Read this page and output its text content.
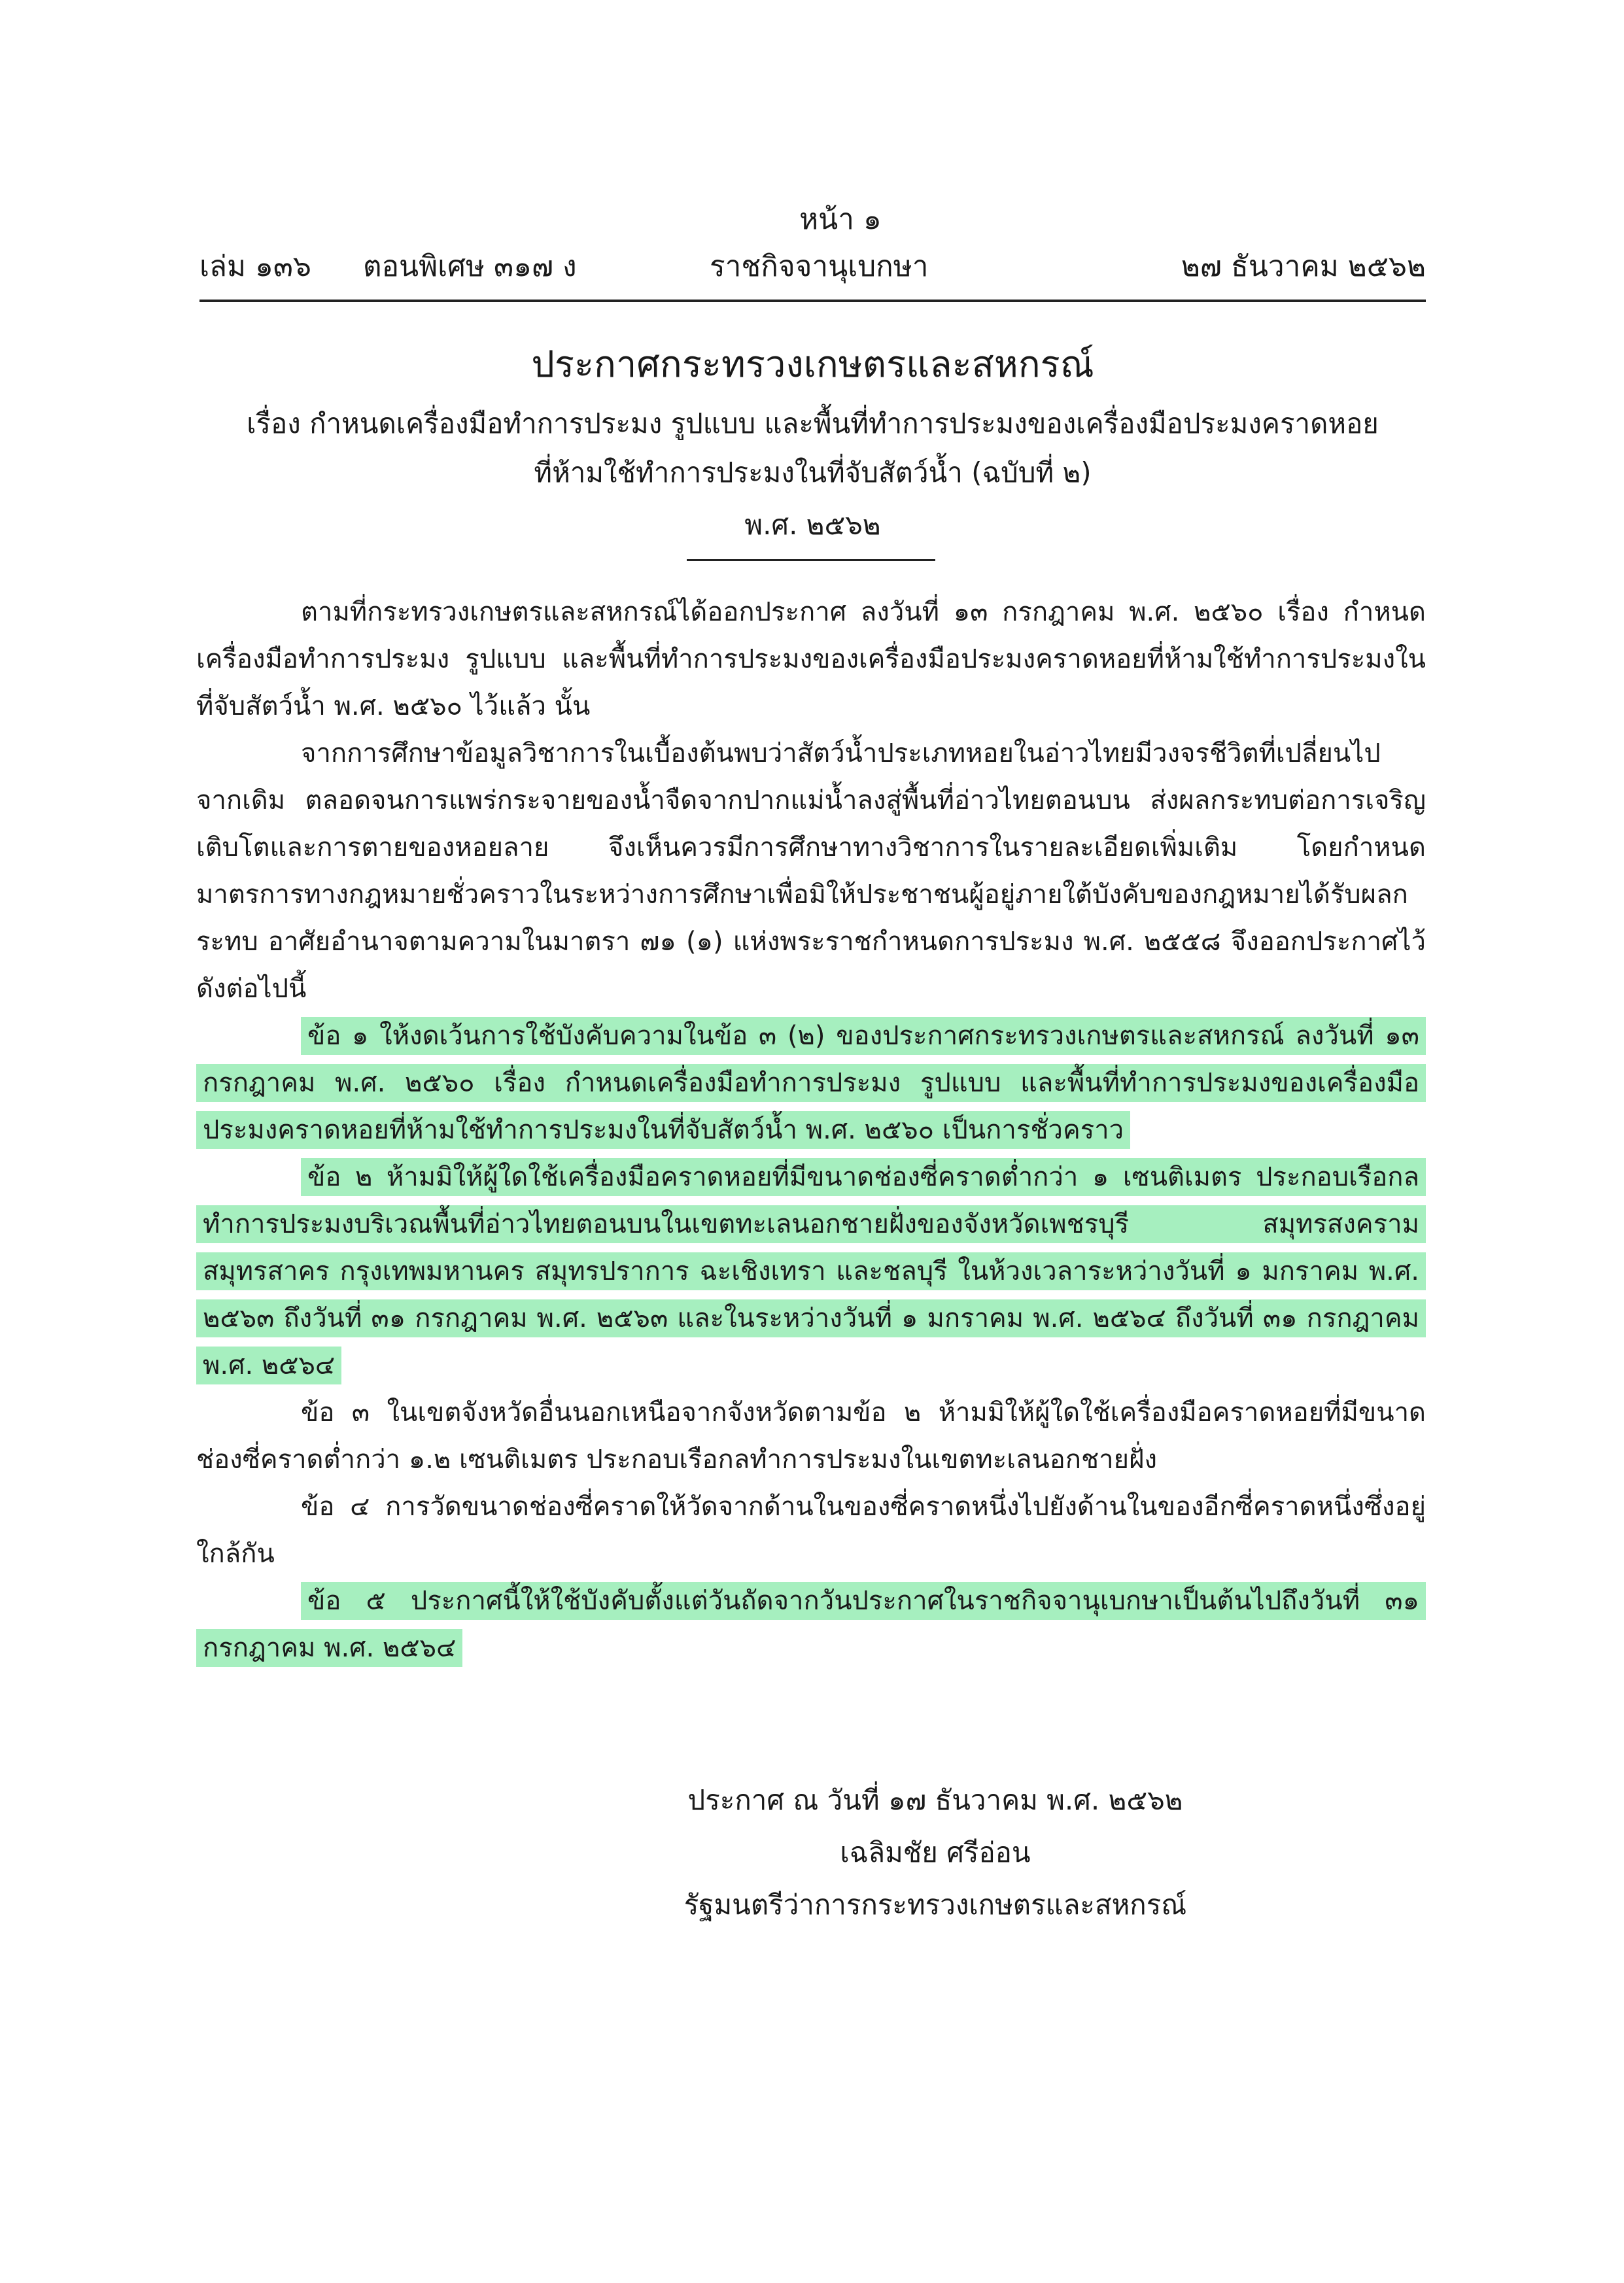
หน้า ๑
เล่ม ๑๓๖ ตอนพิเศษ ๓๑๗ ง	ราชกิจจานุเบกษา	๒๗ ธันวาคม ๒๕๖๒
ประกาศกระทรวงเกษตรและสหกรณ์
เรื่อง กำหนดเครื่องมือทำการประมง รูปแบบ และพื้นที่ทำการประมงของเครื่องมือประมงคราดหอย
ที่ห้ามใช้ทำการประมงในที่จับสัตว์น้ำ (ฉบับที่ ๒)
พ.ศ. ๒๕๖๒

ตามที่กระทรวงเกษตรและสหกรณ์ได้ออกประกาศ ลงวันที่ ๑๓ กรกฎาคม พ.ศ. ๒๕๖๐ เรื่อง กำหนดเครื่องมือทำการประมง รูปแบบ และพื้นที่ทำการประมงของเครื่องมือประมงคราดหอยที่ห้ามใช้ทำการประมงในที่จับสัตว์น้ำ พ.ศ. ๒๕๖๐ ไว้แล้ว นั้น

จากการศึกษาข้อมูลวิชาการในเบื้องต้นพบว่าสัตว์น้ำประเภทหอยในอ่าวไทยมีวงจรชีวิตที่เปลี่ยนไปจากเดิม ตลอดจนการแพร่กระจายของน้ำจืดจากปากแม่น้ำลงสู่พื้นที่อ่าวไทยตอนบน ส่งผลกระทบต่อการเจริญเติบโตและการตายของหอยลาย จึงเห็นควรมีการศึกษาทางวิชาการในรายละเอียดเพิ่มเติม โดยกำหนดมาตรการทางกฎหมายชั่วคราวในระหว่างการศึกษาเพื่อมิให้ประชาชนผู้อยู่ภายใต้บังคับของกฎหมายได้รับผลกระทบ อาศัยอำนาจตามความในมาตรา ๗๑ (๑) แห่งพระราชกำหนดการประมง พ.ศ. ๒๕๕๘ จึงออกประกาศไว้ ดังต่อไปนี้

ข้อ ๑ ให้งดเว้นการใช้บังคับความในข้อ ๓ (๒) ของประกาศกระทรวงเกษตรและสหกรณ์ ลงวันที่ ๑๓ กรกฎาคม พ.ศ. ๒๕๖๐ เรื่อง กำหนดเครื่องมือทำการประมง รูปแบบ และพื้นที่ทำการประมงของเครื่องมือประมงคราดหอยที่ห้ามใช้ทำการประมงในที่จับสัตว์น้ำ พ.ศ. ๒๕๖๐ เป็นการชั่วคราว

ข้อ ๒ ห้ามมิให้ผู้ใดใช้เครื่องมือคราดหอยที่มีขนาดช่องซี่คราดต่ำกว่า ๑ เซนติเมตร ประกอบเรือกลทำการประมงบริเวณพื้นที่อ่าวไทยตอนบนในเขตทะเลนอกชายฝั่งของจังหวัดเพชรบุรี สมุทรสงคราม สมุทรสาคร กรุงเทพมหานคร สมุทรปราการ ฉะเชิงเทรา และชลบุรี ในห้วงเวลาระหว่างวันที่ ๑ มกราคม พ.ศ. ๒๕๖๓ ถึงวันที่ ๓๑ กรกฎาคม พ.ศ. ๒๕๖๓ และในระหว่างวันที่ ๑ มกราคม พ.ศ. ๒๕๖๔ ถึงวันที่ ๓๑ กรกฎาคม พ.ศ. ๒๕๖๔

ข้อ ๓ ในเขตจังหวัดอื่นนอกเหนือจากจังหวัดตามข้อ ๒ ห้ามมิให้ผู้ใดใช้เครื่องมือคราดหอยที่มีขนาดช่องซี่คราดต่ำกว่า ๑.๒ เซนติเมตร ประกอบเรือกลทำการประมงในเขตทะเลนอกชายฝั่ง

ข้อ ๔ การวัดขนาดช่องซี่คราดให้วัดจากด้านในของซี่คราดหนึ่งไปยังด้านในของอีกซี่คราดหนึ่งซึ่งอยู่ใกล้กัน

ข้อ ๕ ประกาศนี้ให้ใช้บังคับตั้งแต่วันถัดจากวันประกาศในราชกิจจานุเบกษาเป็นต้นไปถึงวันที่ ๓๑ กรกฎาคม พ.ศ. ๒๕๖๔

ประกาศ ณ วันที่ ๑๗ ธันวาคม พ.ศ. ๒๕๖๒
เฉลิมชัย ศรีอ่อน
รัฐมนตรีว่าการกระทรวงเกษตรและสหกรณ์
